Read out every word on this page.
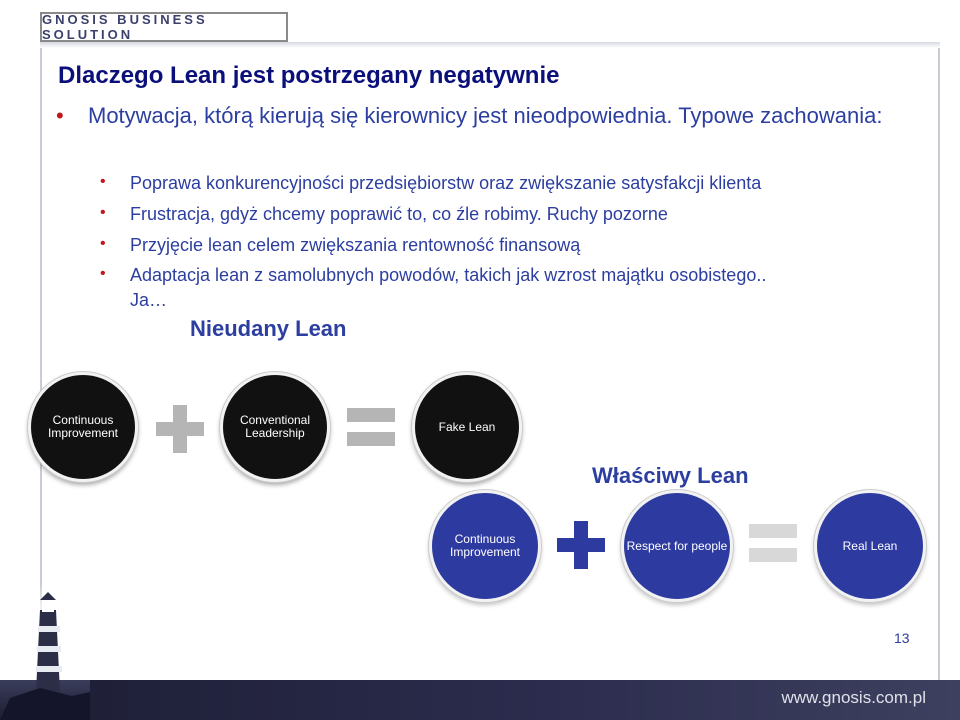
GNOSIS BUSINESS SOLUTION
Dlaczego Lean jest postrzegany negatywnie
• Motywacja, którą kierują się kierownicy jest nieodpowiednia. Typowe zachowania:
• Poprawa konkurencyjności przedsiębiorstw oraz zwiększanie satysfakcji klienta
• Frustracja, gdyż chcemy poprawić to, co źle robimy. Ruchy pozorne
• Przyjęcie lean celem zwiększania rentowność finansową
• Adaptacja lean z samolubnych powodów, takich jak wzrost majątku osobistego..
Ja…
Nieudany Lean
Continuous Improvement
Conventional Leadership	Fake Lean
Właściwy Lean
Continuous Improvement	Respect for people	Real Lean
13
www.gnosis.com.pl
